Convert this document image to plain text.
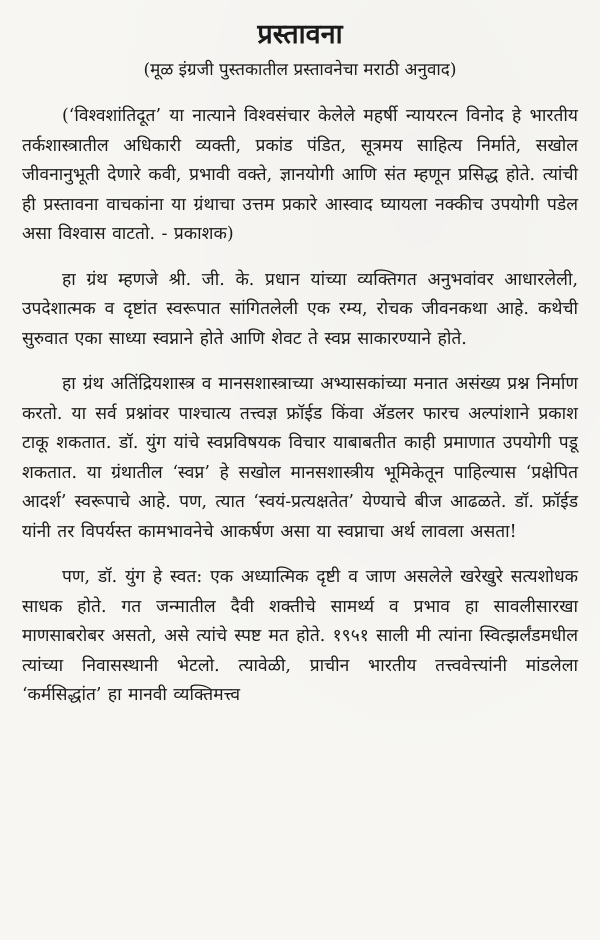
प्रस्तावना

(मूळ इंग्रजी पुस्तकातील प्रस्तावनेचा मराठी अनुवाद)

(‘विश्वशांतिदूत’ या नात्याने विश्वसंचार केलेले महर्षी न्यायरत्न विनोद हे भारतीय तर्कशास्त्रातील अधिकारी व्यक्ती, प्रकांड पंडित, सूत्रमय साहित्य निर्माते, सखोल जीवनानुभूती देणारे कवी, प्रभावी वक्ते, ज्ञानयोगी आणि संत म्हणून प्रसिद्ध होते. त्यांची ही प्रस्तावना वाचकांना या ग्रंथाचा उत्तम प्रकारे आस्वाद घ्यायला नक्कीच उपयोगी पडेल असा विश्वास वाटतो. - प्रकाशक)

हा ग्रंथ म्हणजे श्री. जी. के. प्रधान यांच्या व्यक्तिगत अनुभवांवर आधारलेली, उपदेशात्मक व दृष्टांत स्वरूपात सांगितलेली एक रम्य, रोचक जीवनकथा आहे. कथेची सुरुवात एका साध्या स्वप्नाने होते आणि शेवट ते स्वप्न साकारण्याने होते.

हा ग्रंथ अतिंद्रियशास्त्र व मानसशास्त्राच्या अभ्यासकांच्या मनात असंख्य प्रश्न निर्माण करतो. या सर्व प्रश्नांवर पाश्चात्य तत्त्वज्ञ फ्रॉईड किंवा ॲडलर फारच अल्पांशाने प्रकाश टाकू शकतात. डॉ. युंग यांचे स्वप्नविषयक विचार याबाबतीत काही प्रमाणात उपयोगी पडू शकतात. या ग्रंथातील ‘स्वप्न’ हे सखोल मानसशास्त्रीय भूमिकेतून पाहिल्यास ‘प्रक्षेपित आदर्श’ स्वरूपाचे आहे. पण, त्यात ‘स्वयं-प्रत्यक्षतेत’ येण्याचे बीज आढळते. डॉ. फ्रॉईड यांनी तर विपर्यस्त कामभावनेचे आकर्षण असा या स्वप्नाचा अर्थ लावला असता!

पण, डॉ. युंग हे स्वत: एक अध्यात्मिक दृष्टी व जाण असलेले खरेखुरे सत्यशोधक साधक होते. गत जन्मातील दैवी शक्तीचे सामर्थ्य व प्रभाव हा सावलीसारखा माणसाबरोबर असतो, असे त्यांचे स्पष्ट मत होते. १९५१ साली मी त्यांना स्वित्झर्लंडमधील त्यांच्या निवासस्थानी भेटलो. त्यावेळी, प्राचीन भारतीय तत्त्ववेत्त्यांनी मांडलेला ‘कर्मसिद्धांत’ हा मानवी व्यक्तिमत्त्व
